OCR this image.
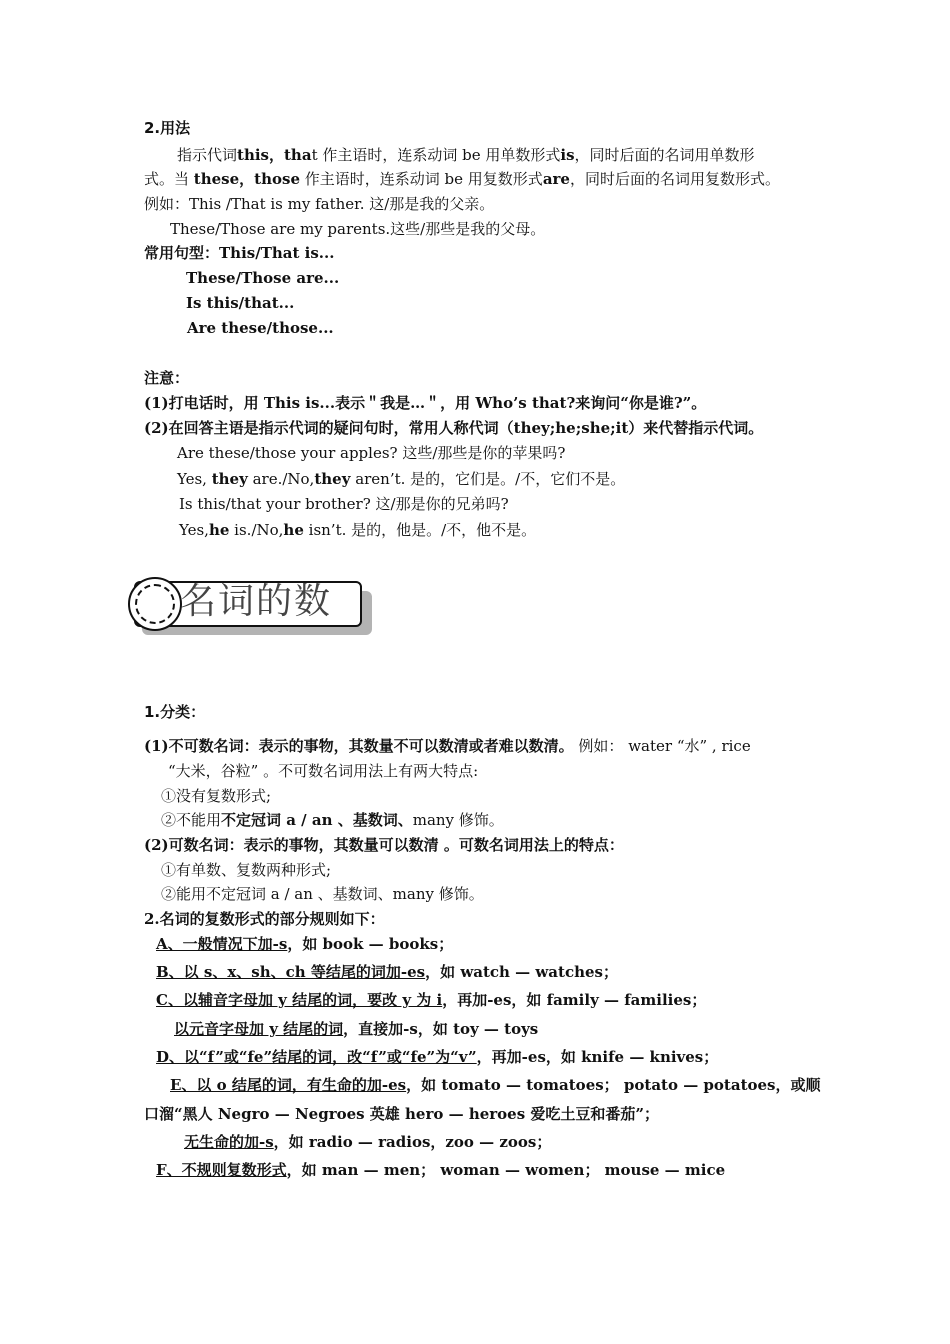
2.用法
指示代词this，that 作主语时，连系动词 be 用单数形式is，同时后面的名词用单数形
式。当 these，those 作主语时，连系动词 be 用复数形式are，同时后面的名词用复数形式。
例如：This /That is my father. 这/那是我的父亲。
These/Those are my parents.这些/那些是我的父母。
常用句型：This/That is...
These/Those are...
Is this/that...
Are these/those...
注意：
(1)打电话时，用 This is...表示＂我是…＂，用 Who’s that?来询问“你是谁?”。
(2)在回答主语是指示代词的疑问句时，常用人称代词（they;he;she;it）来代替指示代词。
Are these/those your apples? 这些/那些是你的苹果吗?
Yes, they are./No,they aren’t. 是的，它们是。/不，它们不是。
Is this/that your brother? 这/那是你的兄弟吗?
Yes,he is./No,he isn’t. 是的，他是。/不，他不是。
名词的数
1.分类：
(1)不可数名词：表示的事物，其数量不可以数清或者难以数清。 例如： water “水” , rice
“大米，谷粒” 。不可数名词用法上有两大特点:
①没有复数形式;
②不能用不定冠词 a / an 、基数词、many 修饰。
(2)可数名词：表示的事物，其数量可以数清 。可数名词用法上的特点：
①有单数、复数两种形式;
②能用不定冠词 a / an 、基数词、many 修饰。
2.名词的复数形式的部分规则如下：
A、一般情况下加-s，如 book — books；
B、以 s、x、sh、ch 等结尾的词加-es，如 watch — watches；
C、以辅音字母加 y 结尾的词，要改 y 为 i，再加-es，如 family — families；
以元音字母加 y 结尾的词，直接加-s，如 toy — toys
D、以“f”或“fe”结尾的词，改“f”或“fe”为“v”，再加-es，如 knife — knives；
E、以 o 结尾的词，有生命的加-es，如 tomato — tomatoes； potato — potatoes，或顺
口溜“黑人 Negro — Negroes 英雄 hero — heroes 爱吃土豆和番茄”；
无生命的加-s，如 radio — radios，zoo — zoos；
F、不规则复数形式，如 man — men； woman — women； mouse — mice
